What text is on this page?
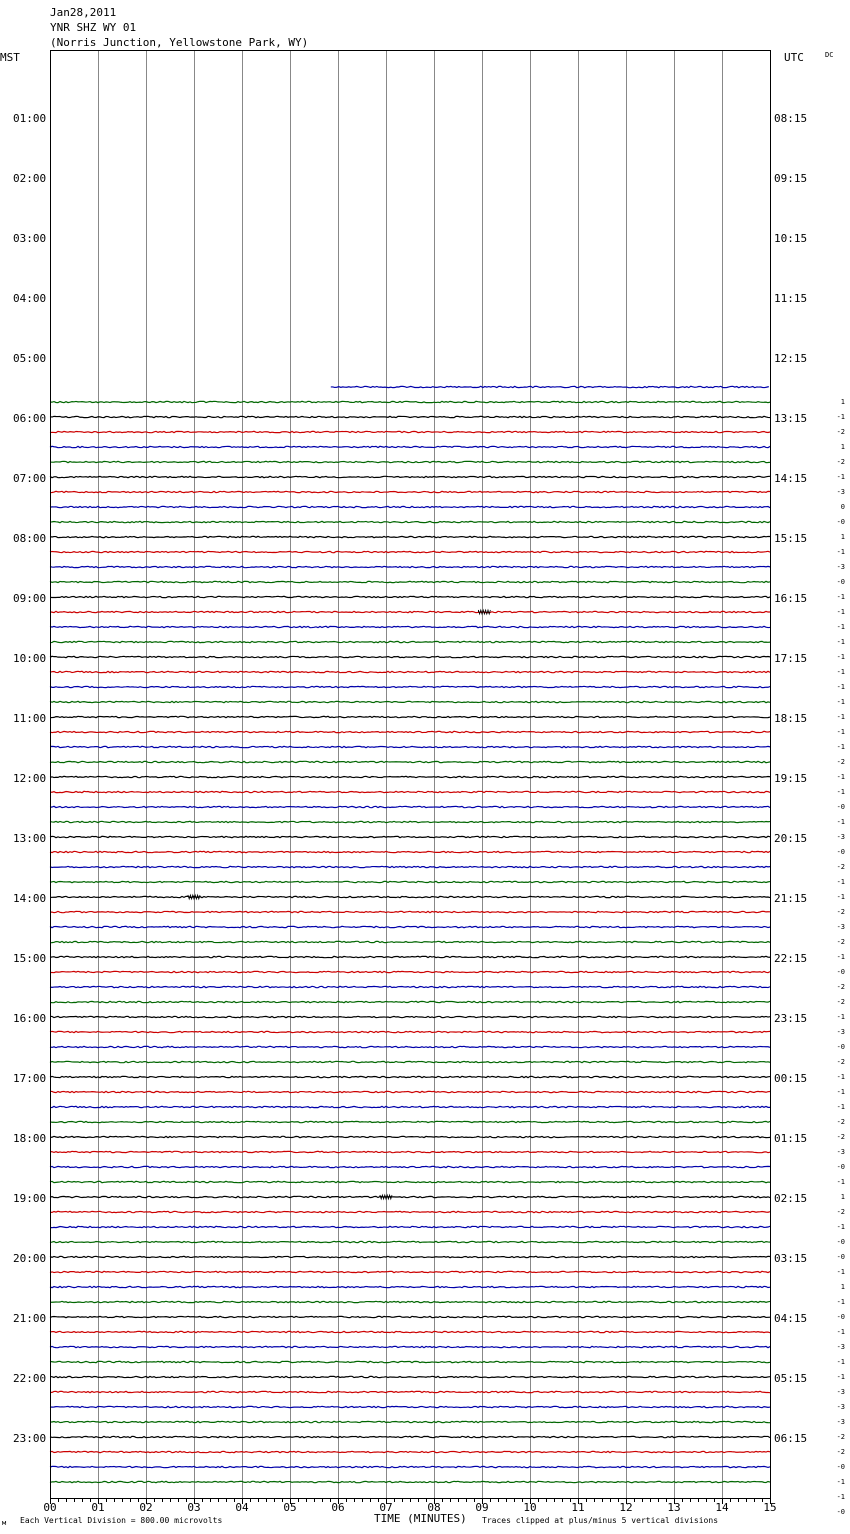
Jan28,2011
YNR SHZ WY 01
(Norris Junction, Yellowstone Park, WY)
MST	UTC	DC
01:00
02:00
03:00
04:00
05:00
06:00
07:00
08:00
09:00
10:00
11:00
12:00
13:00
14:00
15:00
16:00
17:00
18:00
19:00
20:00
21:00
22:00
23:00
08:15
09:15
10:15
11:15
12:15
13:15
14:15
15:15
16:15
17:15
18:15
19:15
20:15
21:15
22:15
23:15
00:15
01:15
02:15
03:15
04:15
05:15
06:15
1
-1
-2
1
-2
-1
-3
0
-0
1
-1
-3
-0
-1
-1
-1
-1
-1
-1
-1
-1
-1
-1
-1
-2
-1
-1
-0
-1
-3
-0
-2
-1
-1
-2
-3
-2
-1
-0
-2
-2
-1
-3
-0
-2
-1
-1
-1
-2
-2
-3
-0
-1
1
-2
-1
-0
-0
-1
1
-1
-0
-1
-3
-1
-1
-3
-3
-3
-2
-2
-0
-1
-1
-0
00	01	02	03	04	05	06	07	08	09	10	11	12	13	14	15
м Each Vertical Division = 800.00 microvolts	TIME (MINUTES) Traces clipped at plus/minus 5 vertical divisions
